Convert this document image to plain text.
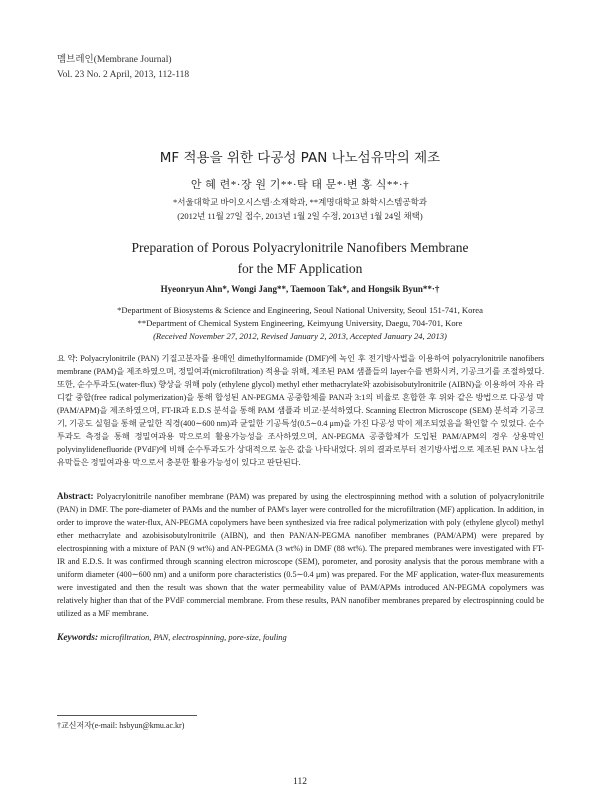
멤브레인(Membrane Journal)
Vol. 23 No. 2 April, 2013, 112-118
MF 적용을 위한 다공성 PAN 나노섬유막의 제조
안 혜 련*·장 원 기**·탁 태 문*·변 홍 식**·†
*서울대학교 바이오시스템·소재학과, **계명대학교 화학시스템공학과
(2012년 11월 27일 접수, 2013년 1월 2일 수정, 2013년 1월 24일 채택)
Preparation of Porous Polyacrylonitrile Nanofibers Membrane
for the MF Application
Hyeonryun Ahn*, Wongi Jang**, Taemoon Tak*, and Hongsik Byun**·†
*Department of Biosystems & Science and Engineering, Seoul National University, Seoul 151-741, Korea
**Department of Chemical System Engineering, Keimyung University, Daegu, 704-701, Kore
(Received November 27, 2012, Revised January 2, 2013, Accepted January 24, 2013)
요 약: Polyacrylonitrile (PAN) 기질고분자를 용매인 dimethylformamide (DMF)에 녹인 후 전기방사법을 이용하여 polyacrylonitrile nanofibers membrane (PAM)을 제조하였으며, 정밀여과(microfiltration) 적용을 위해, 제조된 PAM 샘플들의 layer수를 변화시켜, 기공크기를 조절하였다. 또한, 순수투과도(water-flux) 향상을 위해 poly (ethylene glycol) methyl ether methacrylate와 azobisisobutylronitrile (AIBN)을 이용하여 자유 라디칼 중합(free radical polymerization)을 통해 합성된 AN-PEGMA 공중합체를 PAN과 3:1의 비율로 혼합한 후 위와 같은 방법으로 다공성 막(PAM/APM)을 제조하였으며, FT-IR과 E.D.S 분석을 통해 PAM 샘플과 비교·분석하였다. Scanning Electron Microscope (SEM) 분석과 기공크기, 기공도 실험을 통해 균일한 직경(400∼600 nm)과 균일한 기공특성(0.5∼0.4 μm)을 가진 다공성 막이 제조되었음을 확인할 수 있었다. 순수투과도 측정을 통해 정밀여과용 막으로의 활용가능성을 조사하였으며, AN-PEGMA 공중합체가 도입된 PAM/APM의 경우 상용막인 polyvinylidenefluoride (PVdF)에 비해 순수투과도가 상대적으로 높은 값을 나타내었다. 위의 결과로부터 전기방사법으로 제조된 PAN 나노섬유막들은 정밀여과용 막으로서 충분한 활용가능성이 있다고 판단된다.
Abstract: Polyacrylonitrile nanofiber membrane (PAM) was prepared by using the electrospinning method with a solution of polyacrylonitrile (PAN) in DMF. The pore-diameter of PAMs and the number of PAM's layer were controlled for the microfiltration (MF) application. In addition, in order to improve the water-flux, AN-PEGMA copolymers have been synthesized via free radical polymerization with poly (ethylene glycol) methyl ether methacrylate and azobisisobutylronitrile (AIBN), and then PAN/AN-PEGMA nanofiber membranes (PAM/APM) were prepared by electrospinning with a mixture of PAN (9 wt%) and AN-PEGMA (3 wt%) in DMF (88 wt%). The prepared membranes were investigated with FT-IR and E.D.S. It was confirmed through scanning electron microscope (SEM), porometer, and porosity analysis that the porous membrane with a uniform diameter (400∼600 nm) and a uniform pore characteristics (0.5∼0.4 μm) was prepared. For the MF application, water-flux measurements were investigated and then the result was shown that the water permeability value of PAM/APMs introduced AN-PEGMA copolymers was relatively higher than that of the PVdF commercial membrane. From these results, PAN nanofiber membranes prepared by electrospinning could be utilized as a MF membrane.
Keywords: microfiltration, PAN, electrospinning, pore-size, fouling
†교신저자(e-mail: hsbyun@kmu.ac.kr)
112
